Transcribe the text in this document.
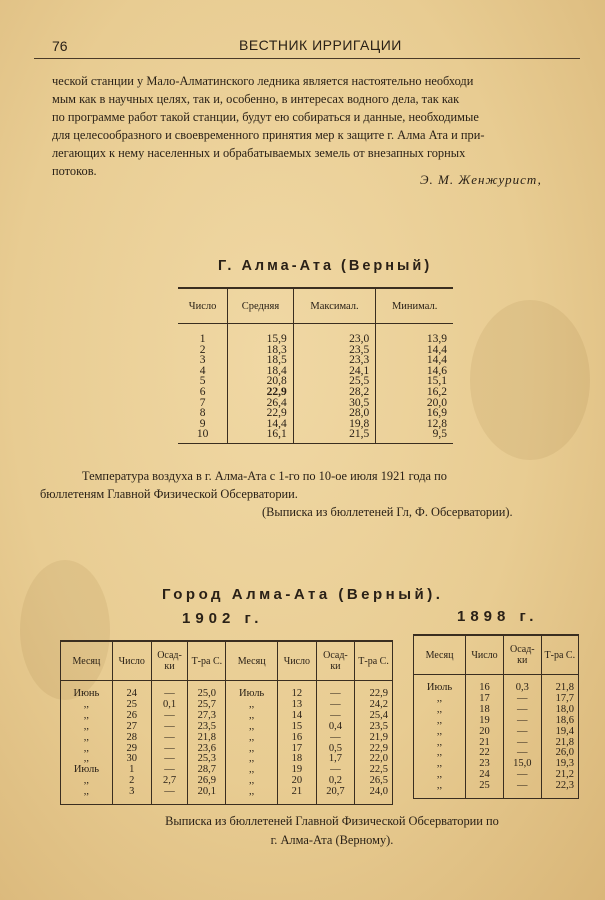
76	ВЕСТНИК ИРРИГАЦИИ
ческой станции у Мало-Алматинского ледника является настоятельно необходи
мым как в научных целях, так и, особенно, в интересах водного дела, так как
по программе работ такой станции, будут ею собираться и данные, необходимые
для целесообразного и своевременного принятия мер к защите г. Алма Ата и при-
легающих к нему населенных и обрабатываемых земель от внезапных горных
потоков.
Э. М. Женжурист,
Г. Алма-Ата (Верный)
Число	Средняя	Максимал.	Минимал.

1	15,9	23,0	13,9
2	18,3	23,5	14,4
3	18,5	23,3	14,4
4	18,4	24,1	14,6
5	20,8	25,5	15,1
6	22,9	28,2	16,2
7	26,4	30,5	20,0
8	22,9	28,0	16,9
9	14,4	19,8	12,8
10	16,1	21,5	9,5
Температура воздуха в г. Алма-Ата с 1-го по 10-ое июля 1921 года по
бюллетеням Главной Физической Обсерватории.
(Выписка из бюллетеней Гл, Ф. Обсерватории).
Город Алма-Ата (Верный).
1902 г.	1898 г.
Месяц	Число	Осад-ки	Т-ра С.	Месяц	Число	Осад-ки	Т-ра С.

Июнь	24	—	25,0	Июль	12	—	22,9
,,	25	0,1	25,7	,,	13	—	24,2
,,	26	—	27,3	,,	14	—	25,4
,,	27	—	23,5	,,	15	0,4	23,5
,,	28	—	21,8	,,	16	—	21,9
,,	29	—	23,6	,,	17	0,5	22,9
,,	30	—	25,3	,,	18	1,7	22,0
Июль	1	—	28,7	,,	19	—	22,5
,,	2	2,7	26,9	,,	20	0,2	26,5
,,	3	—	20,1	,,	21	20,7	24,0
Месяц	Число	Осад-ки	Т-ра С.

Июль	16	0,3	21,8
,,	17	—	17,7
,,	18	—	18,0
,,	19	—	18,6
,,	20	—	19,4
,,	21	—	21,8
,,	22	—	26,0
,,	23	15,0	19,3
,,	24	—	21,2
,,	25	—	22,3
Выписка из бюллетеней Главной Физической Обсерватории по
г. Алма-Ата (Верному).
